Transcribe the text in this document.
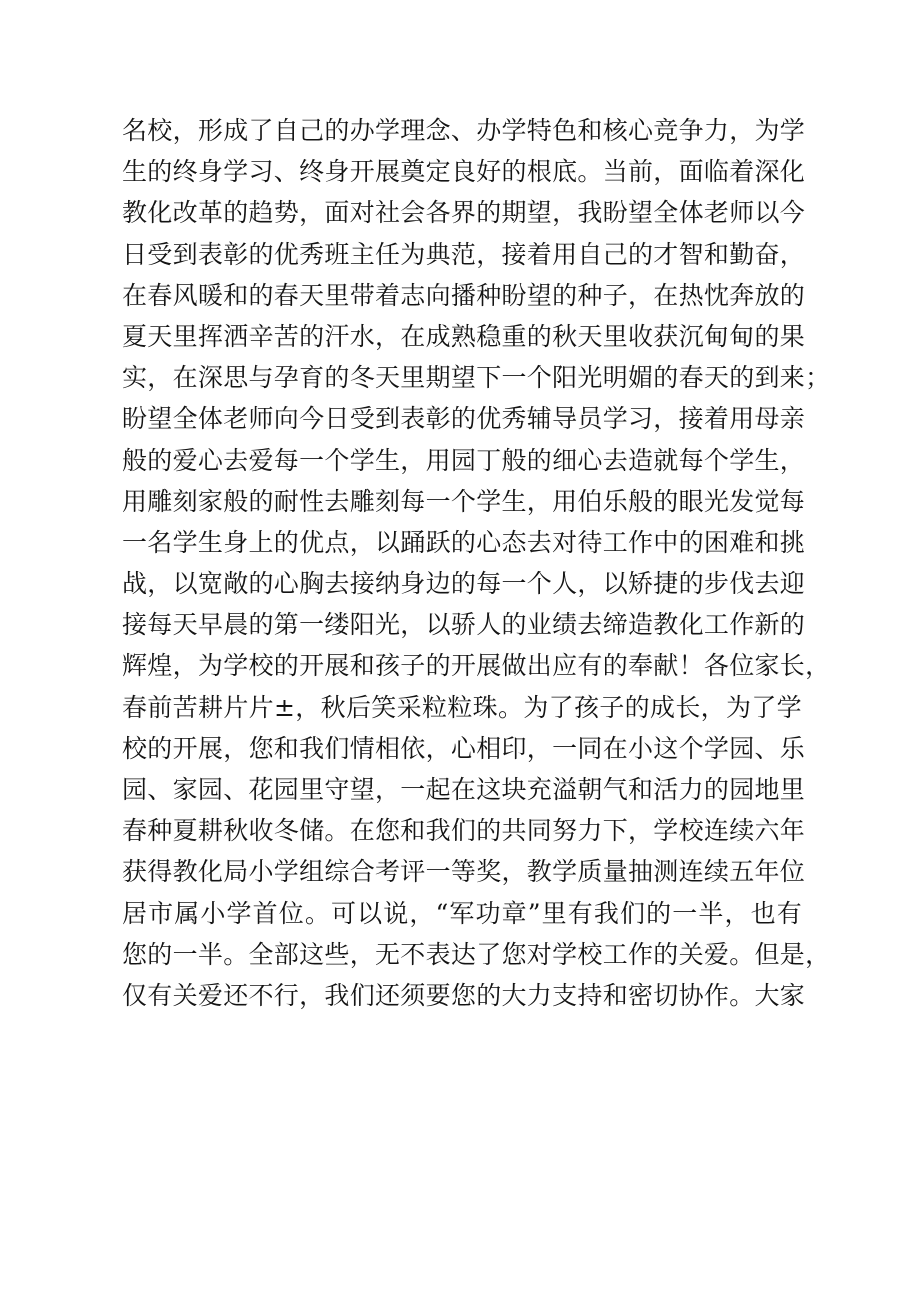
名校，形成了自己的办学理念、办学特色和核心竞争力，为学
生的终身学习、终身开展奠定良好的根底。当前，面临着深化
教化改革的趋势，面对社会各界的期望，我盼望全体老师以今
日受到表彰的优秀班主任为典范，接着用自己的才智和勤奋，
在春风暖和的春天里带着志向播种盼望的种子，在热忱奔放的
夏天里挥洒辛苦的汗水，在成熟稳重的秋天里收获沉甸甸的果
实，在深思与孕育的冬天里期望下一个阳光明媚的春天的到来；
盼望全体老师向今日受到表彰的优秀辅导员学习，接着用母亲
般的爱心去爱每一个学生，用园丁般的细心去造就每个学生，
用雕刻家般的耐性去雕刻每一个学生，用伯乐般的眼光发觉每
一名学生身上的优点，以踊跃的心态去对待工作中的困难和挑
战，以宽敞的心胸去接纳身边的每一个人，以矫捷的步伐去迎
接每天早晨的第一缕阳光，以骄人的业绩去缔造教化工作新的
辉煌，为学校的开展和孩子的开展做出应有的奉献！各位家长，
春前苦耕片片±，秋后笑采粒粒珠。为了孩子的成长，为了学
校的开展，您和我们情相依，心相印，一同在小这个学园、乐
园、家园、花园里守望，一起在这块充溢朝气和活力的园地里
春种夏耕秋收冬储。在您和我们的共同努力下，学校连续六年
获得教化局小学组综合考评一等奖，教学质量抽测连续五年位
居市属小学首位。可以说，“军功章”里有我们的一半，也有
您的一半。全部这些，无不表达了您对学校工作的关爱。但是，
仅有关爱还不行，我们还须要您的大力支持和密切协作。大家
